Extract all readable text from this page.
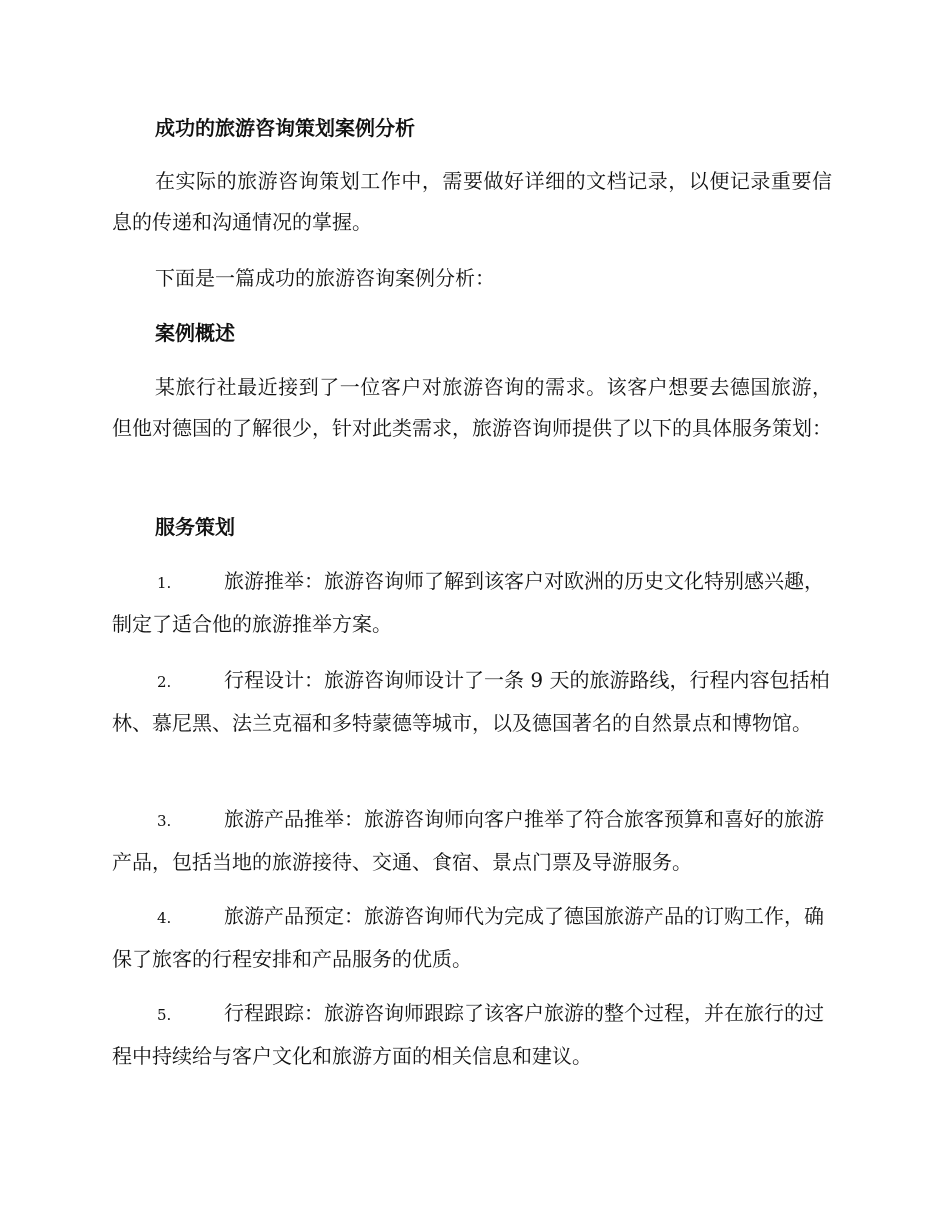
成功的旅游咨询策划案例分析

在实际的旅游咨询策划工作中，需要做好详细的文档记录，以便记录重要信息的传递和沟通情况的掌握。

下面是一篇成功的旅游咨询案例分析：

案例概述

某旅行社最近接到了一位客户对旅游咨询的需求。该客户想要去德国旅游，但他对德国的了解很少，针对此类需求，旅游咨询师提供了以下的具体服务策划：

服务策划
1.	旅游推举：旅游咨询师了解到该客户对欧洲的历史文化特别感兴趣，制定了适合他的旅游推举方案。
2.	行程设计：旅游咨询师设计了一条 9 天的旅游路线，行程内容包括柏林、慕尼黑、法兰克福和多特蒙德等城市，以及德国著名的自然景点和博物馆。
3.	旅游产品推举：旅游咨询师向客户推举了符合旅客预算和喜好的旅游产品，包括当地的旅游接待、交通、食宿、景点门票及导游服务。
4.	旅游产品预定：旅游咨询师代为完成了德国旅游产品的订购工作，确保了旅客的行程安排和产品服务的优质。
5.	行程跟踪：旅游咨询师跟踪了该客户旅游的整个过程，并在旅行的过程中持续给与客户文化和旅游方面的相关信息和建议。
